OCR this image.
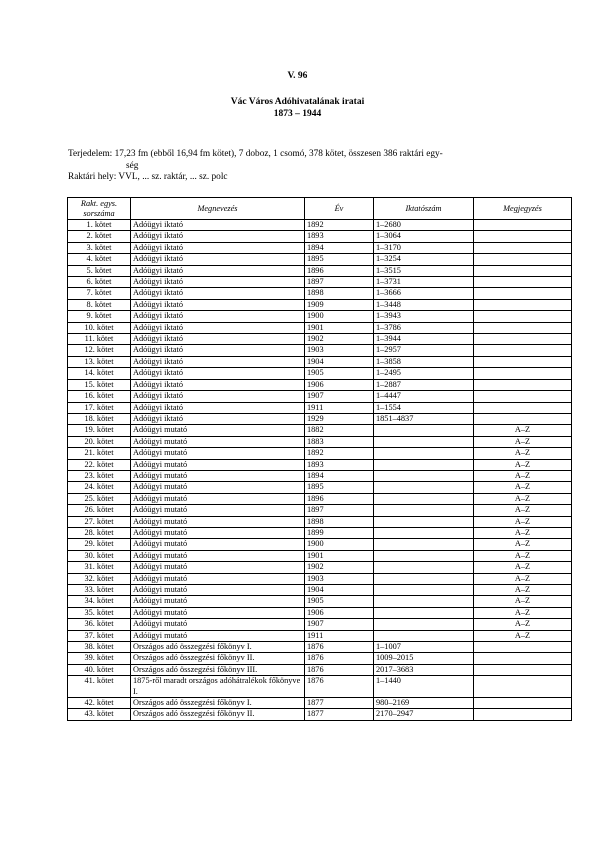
V. 96
Vác Város Adóhivatalának iratai
1873 – 1944
Terjedelem: 17,23 fm (ebből 16,94 fm kötet), 7 doboz, 1 csomó, 378 kötet, összesen 386 raktári egy-
ség
Raktári hely: VVL, ... sz. raktár, ... sz. polc
Rakt. egys. sorszáma	Megnevezés	Év	Iktatószám	Megjegyzés
1. kötet	Adóügyi iktató	1892	1–2680	
2. kötet	Adóügyi iktató	1893	1–3064	
3. kötet	Adóügyi iktató	1894	1–3170	
4. kötet	Adóügyi iktató	1895	1–3254	
5. kötet	Adóügyi iktató	1896	1–3515	
6. kötet	Adóügyi iktató	1897	1–3731	
7. kötet	Adóügyi iktató	1898	1–3666	
8. kötet	Adóügyi iktató	1909	1–3448	
9. kötet	Adóügyi iktató	1900	1–3943	
10. kötet	Adóügyi iktató	1901	1–3786	
11. kötet	Adóügyi iktató	1902	1–3944	
12. kötet	Adóügyi iktató	1903	1–2957	
13. kötet	Adóügyi iktató	1904	1–3858	
14. kötet	Adóügyi iktató	1905	1–2495	
15. kötet	Adóügyi iktató	1906	1–2887	
16. kötet	Adóügyi iktató	1907	1–4447	
17. kötet	Adóügyi iktató	1911	1–1554	
18. kötet	Adóügyi iktató	1929	1851–4837	
19. kötet	Adóügyi mutató	1882		A–Z
20. kötet	Adóügyi mutató	1883		A–Z
21. kötet	Adóügyi mutató	1892		A–Z
22. kötet	Adóügyi mutató	1893		A–Z
23. kötet	Adóügyi mutató	1894		A–Z
24. kötet	Adóügyi mutató	1895		A–Z
25. kötet	Adóügyi mutató	1896		A–Z
26. kötet	Adóügyi mutató	1897		A–Z
27. kötet	Adóügyi mutató	1898		A–Z
28. kötet	Adóügyi mutató	1899		A–Z
29. kötet	Adóügyi mutató	1900		A–Z
30. kötet	Adóügyi mutató	1901		A–Z
31. kötet	Adóügyi mutató	1902		A–Z
32. kötet	Adóügyi mutató	1903		A–Z
33. kötet	Adóügyi mutató	1904		A–Z
34. kötet	Adóügyi mutató	1905		A–Z
35. kötet	Adóügyi mutató	1906		A–Z
36. kötet	Adóügyi mutató	1907		A–Z
37. kötet	Adóügyi mutató	1911		A–Z
38. kötet	Országos adó összegzési főkönyv I.	1876	1–1007	
39. kötet	Országos adó összegzési főkönyv II.	1876	1009–2015	
40. kötet	Országos adó összegzési főkönyv III.	1876	2017–3683	
41. kötet	1875-ről maradt országos adóhátralékok főkönyve I.	1876	1–1440	
42. kötet	Országos adó összegzési főkönyv I.	1877	980–2169	
43. kötet	Országos adó összegzési főkönyv II.	1877	2170–2947	
